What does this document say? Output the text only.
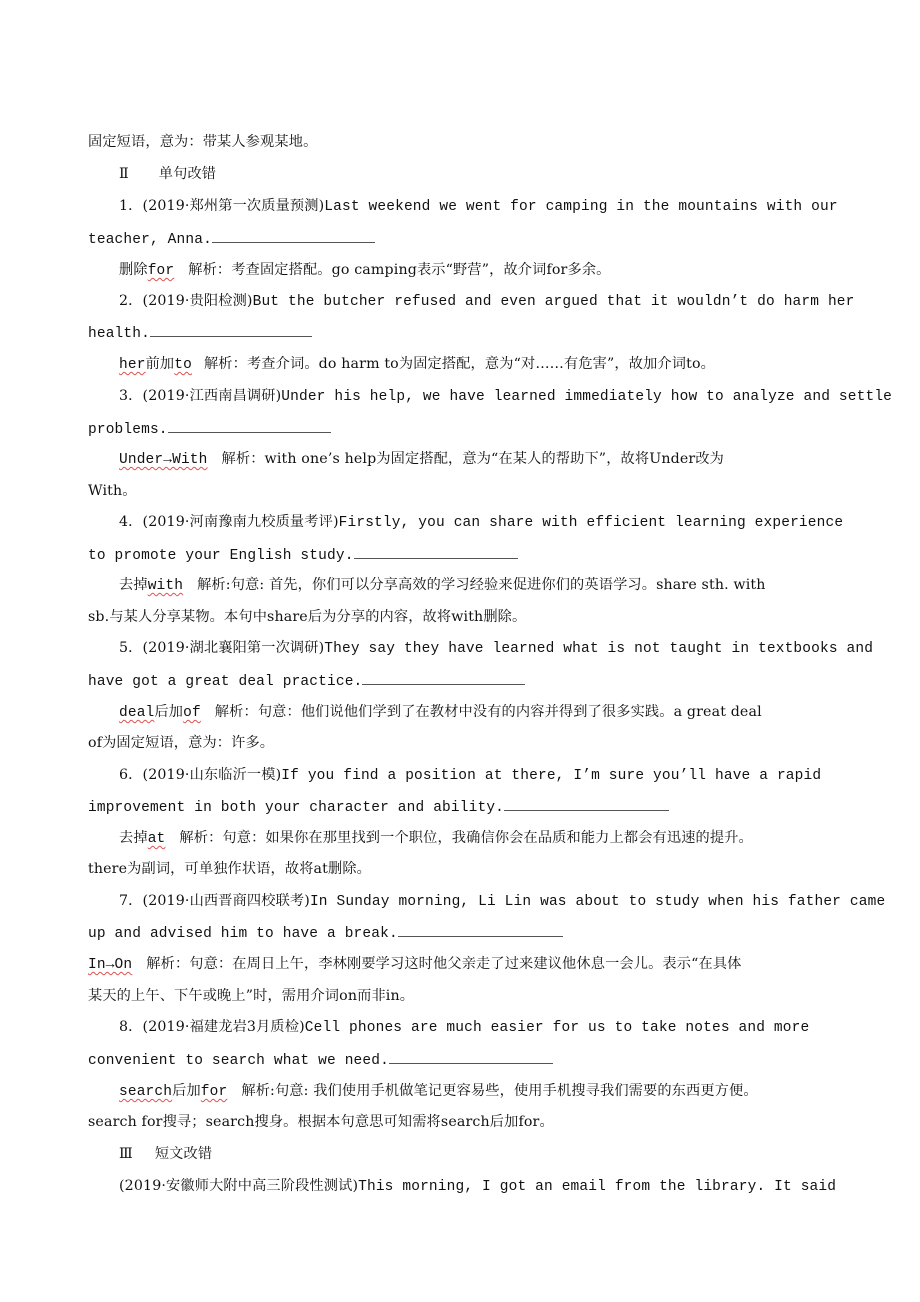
固定短语，意为：带某人参观某地。
Ⅱ 单句改错
1．(2019·郑州第一次质量预测)Last weekend we went for camping in the mountains with our
teacher, Anna.
删除for 解析：考查固定搭配。go camping表示“野营”，故介词for多余。
2．(2019·贵阳检测)But the butcher refused and even argued that it wouldn’t do harm her
health.
her前加to 解析：考查介词。do harm to为固定搭配，意为“对……有危害”，故加介词to。
3．(2019·江西南昌调研)Under his help, we have learned immediately how to analyze and settle
problems.
Under→With 解析：with one’s help为固定搭配，意为“在某人的帮助下”，故将Under改为
With。
4．(2019·河南豫南九校质量考评)Firstly, you can share with efficient learning experience
to promote your English study.
去掉with 解析:句意: 首先，你们可以分享高效的学习经验来促进你们的英语学习。share sth. with
sb.与某人分享某物。本句中share后为分享的内容，故将with删除。
5．(2019·湖北襄阳第一次调研)They say they have learned what is not taught in textbooks and
have got a great deal practice.
deal后加of 解析：句意：他们说他们学到了在教材中没有的内容并得到了很多实践。a great deal
of为固定短语，意为：许多。
6．(2019·山东临沂一模)If you find a position at there, I’m sure you’ll have a rapid
improvement in both your character and ability.
去掉at 解析：句意：如果你在那里找到一个职位，我确信你会在品质和能力上都会有迅速的提升。
there为副词，可单独作状语，故将at删除。
7．(2019·山西晋商四校联考)In Sunday morning, Li Lin was about to study when his father came
up and advised him to have a break.
In→On 解析：句意：在周日上午，李林刚要学习这时他父亲走了过来建议他休息一会儿。表示“在具体
某天的上午、下午或晚上”时，需用介词on而非in。
8．(2019·福建龙岩3月质检)Cell phones are much easier for us to take notes and more
convenient to search what we need.
search后加for 解析:句意: 我们使用手机做笔记更容易些，使用手机搜寻我们需要的东西更方便。
search for搜寻；search搜身。根据本句意思可知需将search后加for。
Ⅲ 短文改错
(2019·安徽师大附中高三阶段性测试)This morning, I got an email from the library. It said
